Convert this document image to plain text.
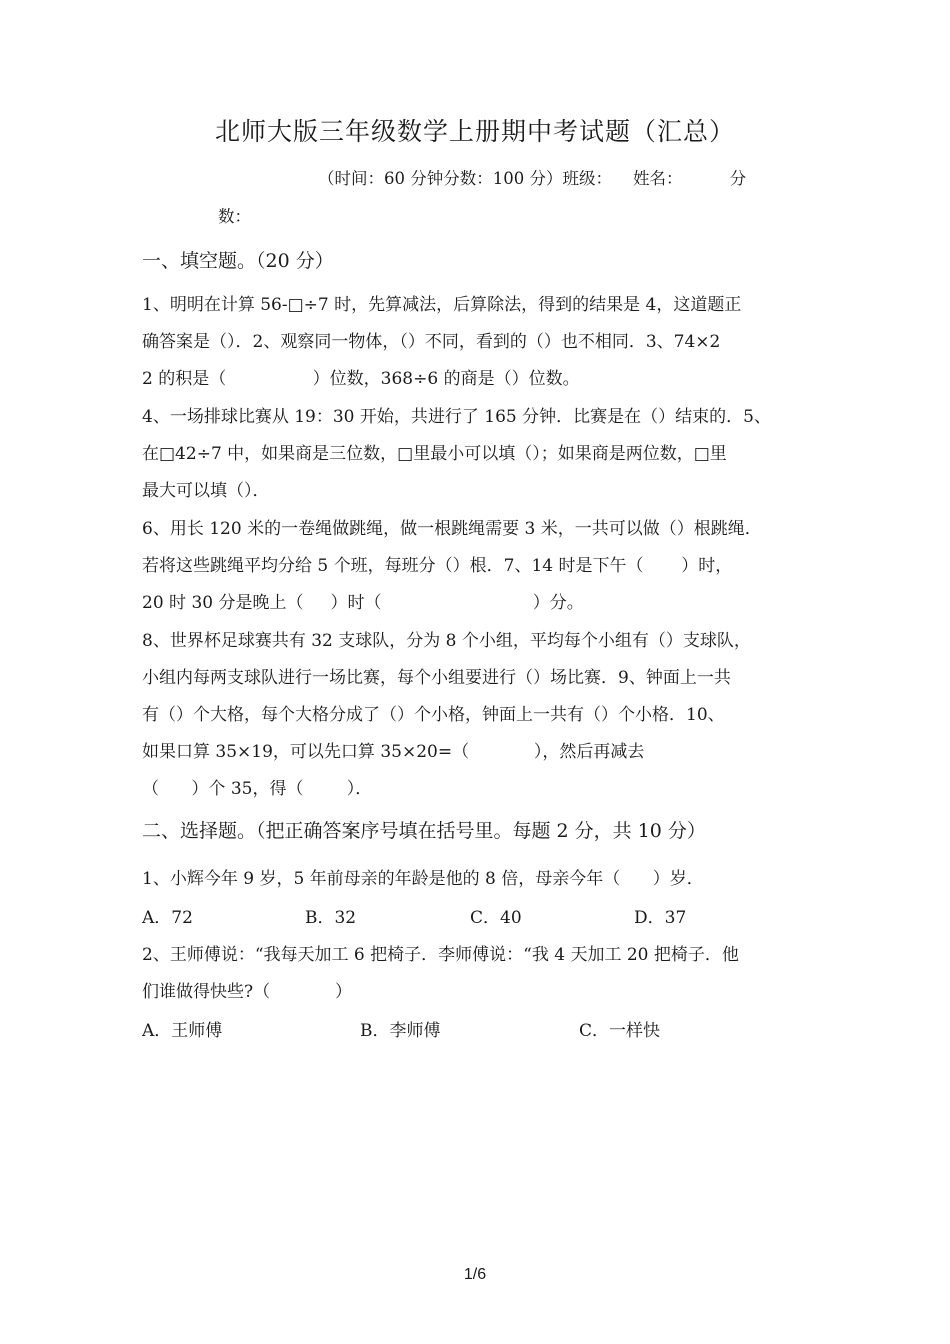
北师大版三年级数学上册期中考试题（汇总）
（时间：60 分钟分数：100 分）班级：    姓名：         分
数：
一、填空题。（20 分）
1、明明在计算 56-□÷7 时，先算减法，后算除法，得到的结果是 4，这道题正
确答案是（）．2、观察同一物体，（）不同，看到的（）也不相同．3、74×2
2 的积是（                ）位数，368÷6 的商是（）位数。
4、一场排球比赛从 19：30 开始，共进行了 165 分钟．比赛是在（）结束的．5、
在□42÷7 中，如果商是三位数，□里最小可以填（）；如果商是两位数，□里
最大可以填（）．
6、用长 120 米的一卷绳做跳绳，做一根跳绳需要 3 米，一共可以做（）根跳绳．
若将这些跳绳平均分给 5 个班，每班分（）根．7、14 时是下午（       ）时，
20 时 30 分是晚上（     ）时（                            ）分。
8、世界杯足球赛共有 32 支球队，分为 8 个小组，平均每个小组有（）支球队，
小组内每两支球队进行一场比赛，每个小组要进行（）场比赛．9、钟面上一共
有（）个大格，每个大格分成了（）个小格，钟面上一共有（）个小格．10、
如果口算 35×19，可以先口算 35×20=（            ），然后再减去
（      ）个 35，得（        ）．
二、选择题。（把正确答案序号填在括号里。每题 2 分，共 10 分）
1、小辉今年 9 岁，5 年前母亲的年龄是他的 8 倍，母亲今年（      ）岁．
A．72	B．32	C．40	D．37
2、王师傅说：“我每天加工 6 把椅子．李师傅说：“我 4 天加工 20 把椅子．他
们谁做得快些?（            ）
A．王师傅	B．李师傅	C．一样快
1/6
